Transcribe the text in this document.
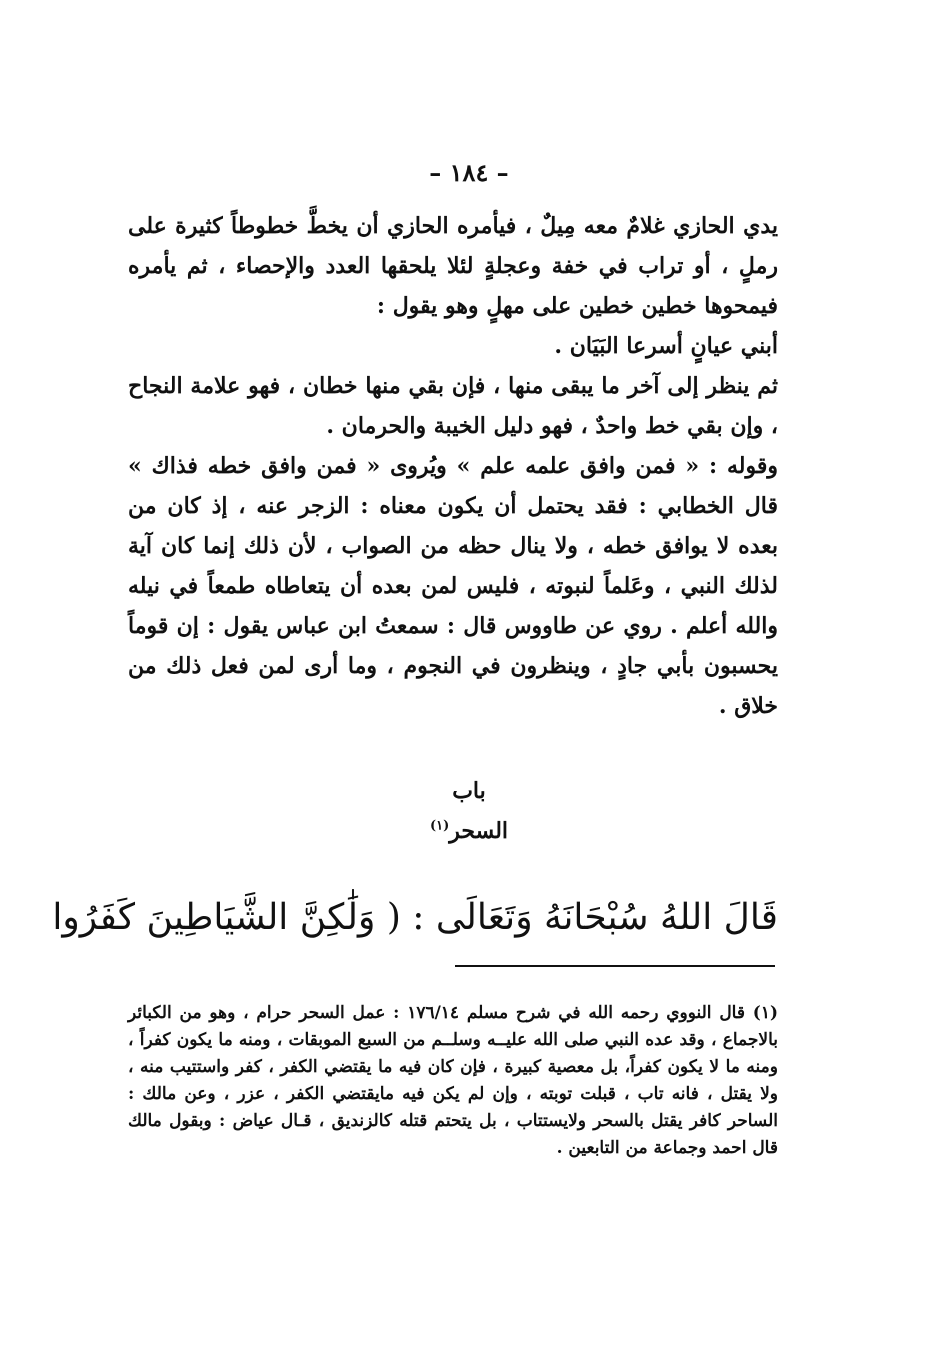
– ١٨٤ –

يدي الحازي غلامٌ معه مِيلٌ ، فيأمره الحازي أن يخطَّ خطوطاً كثيرة على رملٍ ، أو تراب في خفة وعجلةٍ لئلا يلحقها العدد والإحصاء ، ثم يأمره فيمحوها خطين خطين على مهلٍ وهو يقول :

أبني عيانٍ أسرعا البَيَان .

ثم ينظر إلى آخر ما يبقى منها ، فإن بقي منها خطان ، فهو علامة النجاح ، وإن بقي خط واحدٌ ، فهو دليل الخيبة والحرمان .

وقوله : « فمن وافق علمه علم » ويُروى « فمن وافق خطه فذاك » قال الخطابي : فقد يحتمل أن يكون معناه : الزجر عنه ، إذ كان من بعده لا يوافق خطه ، ولا ينال حظه من الصواب ، لأن ذلك إنما كان آية لذلك النبي ، وعَلماً لنبوته ، فليس لمن بعده أن يتعاطاه طمعاً في نيله والله أعلم . روي عن طاووس قال : سمعتُ ابن عباس يقول : إن قوماً يحسبون بأبي جادٍ ، وينظرون في النجوم ، وما أرى لمن فعل ذلك من خلاق .

باب
السحر$^{(١)}$
قَالَ اللهُ سُبْحَانَهُ وَتَعَالَى : ( وَلَٰكِنَّ الشَّيَاطِينَ كَفَرُوا

(١) قال النووي رحمه الله في شرح مسلم ١٧٦/١٤ : عمل السحر حرام ، وهو من الكبائر بالاجماع ، وقد عده النبي صلى الله عليــه وسلــم من السبع الموبقات ، ومنه ما يكون كفراً ، ومنه ما لا يكون كفراً، بل معصية كبيرة ، فإن كان فيه ما يقتضي الكفر ، كفر واستتيب منه ، ولا يقتل ، فانه تاب ، قبلت توبته ، وإن لم يكن فيه مايقتضي الكفر ، عزر ، وعن مالك : الساحر كافر يقتل بالسحر ولايستتاب ، بل يتحتم قتله كالزنديق ، قـال عياض : وبقول مالك قال احمد وجماعة من التابعين .
